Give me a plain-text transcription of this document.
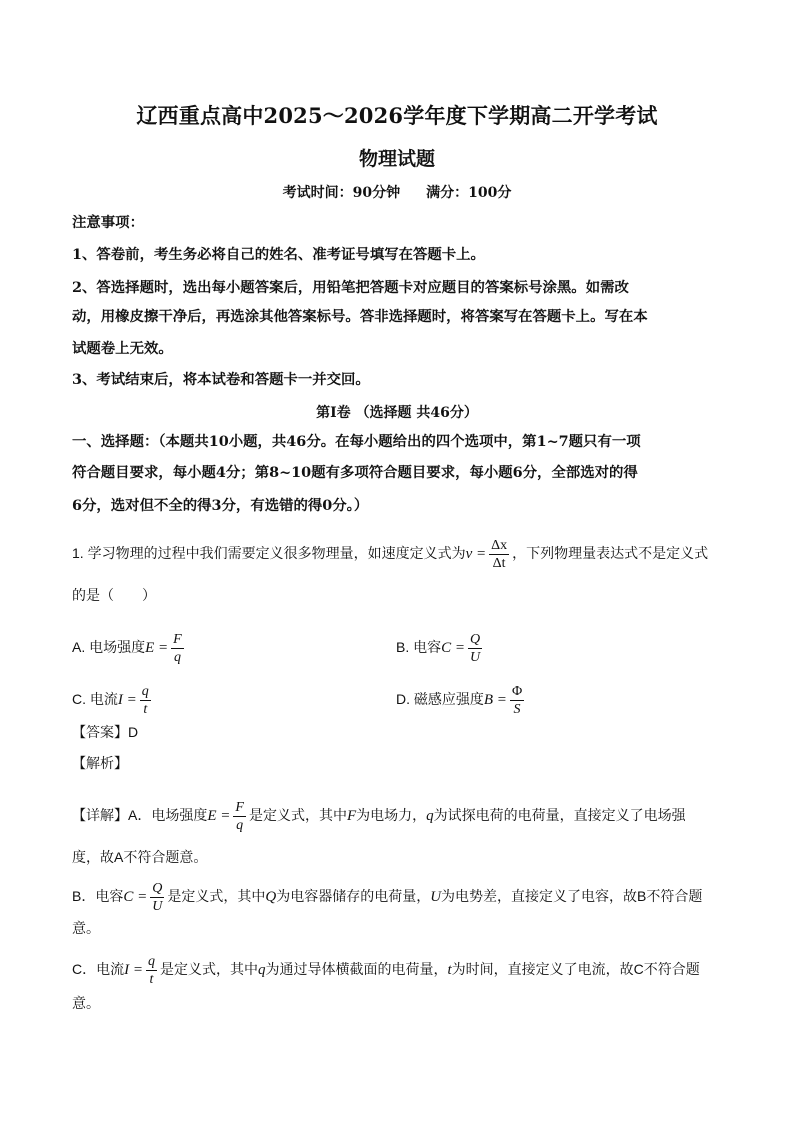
辽西重点高中2025～2026学年度下学期高二开学考试
物理试题
考试时间：90分钟 满分：100分
注意事项：
1、答卷前，考生务必将自己的姓名、准考证号填写在答题卡上。
2、答选择题时，选出每小题答案后，用铅笔把答题卡对应题目的答案标号涂黑。如需改
动，用橡皮擦干净后，再选涂其他答案标号。答非选择题时，将答案写在答题卡上。写在本
试题卷上无效。
3、考试结束后，将本试卷和答题卡一并交回。
第Ⅰ卷 （选择题 共46分）
一、选择题：（本题共10小题，共46分。在每小题给出的四个选项中，第1~7题只有一项
符合题目要求，每小题4分；第8~10题有多项符合题目要求，每小题6分，全部选对的得
6分，选对但不全的得3分，有选错的得0分。）
1. 学习物理的过程中我们需要定义很多物理量，如速度定义式为$v = \frac{\Delta x}{\Delta t}$ ，下列物理量表达式不是定义式
的是（　　）
A. 电场强度$E = \frac{F}{q}$	B. 电容$C = \frac{Q}{U}$
C. 电流$I = \frac{q}{t}$	D. 磁感应强度$B = \frac{\Phi}{S}$
【答案】D
【解析】
【详解】A．电场强度$E = \frac{F}{q}$ 是定义式，其中F为电场力，q为试探电荷的电荷量，直接定义了电场强
度，故A不符合题意。
B．电容$C = \frac{Q}{U}$ 是定义式，其中Q为电容器储存的电荷量，U为电势差，直接定义了电容，故B不符合题
意。
C．电流$I = \frac{q}{t}$ 是定义式，其中q为通过导体横截面的电荷量，t为时间，直接定义了电流，故C不符合题
意。
